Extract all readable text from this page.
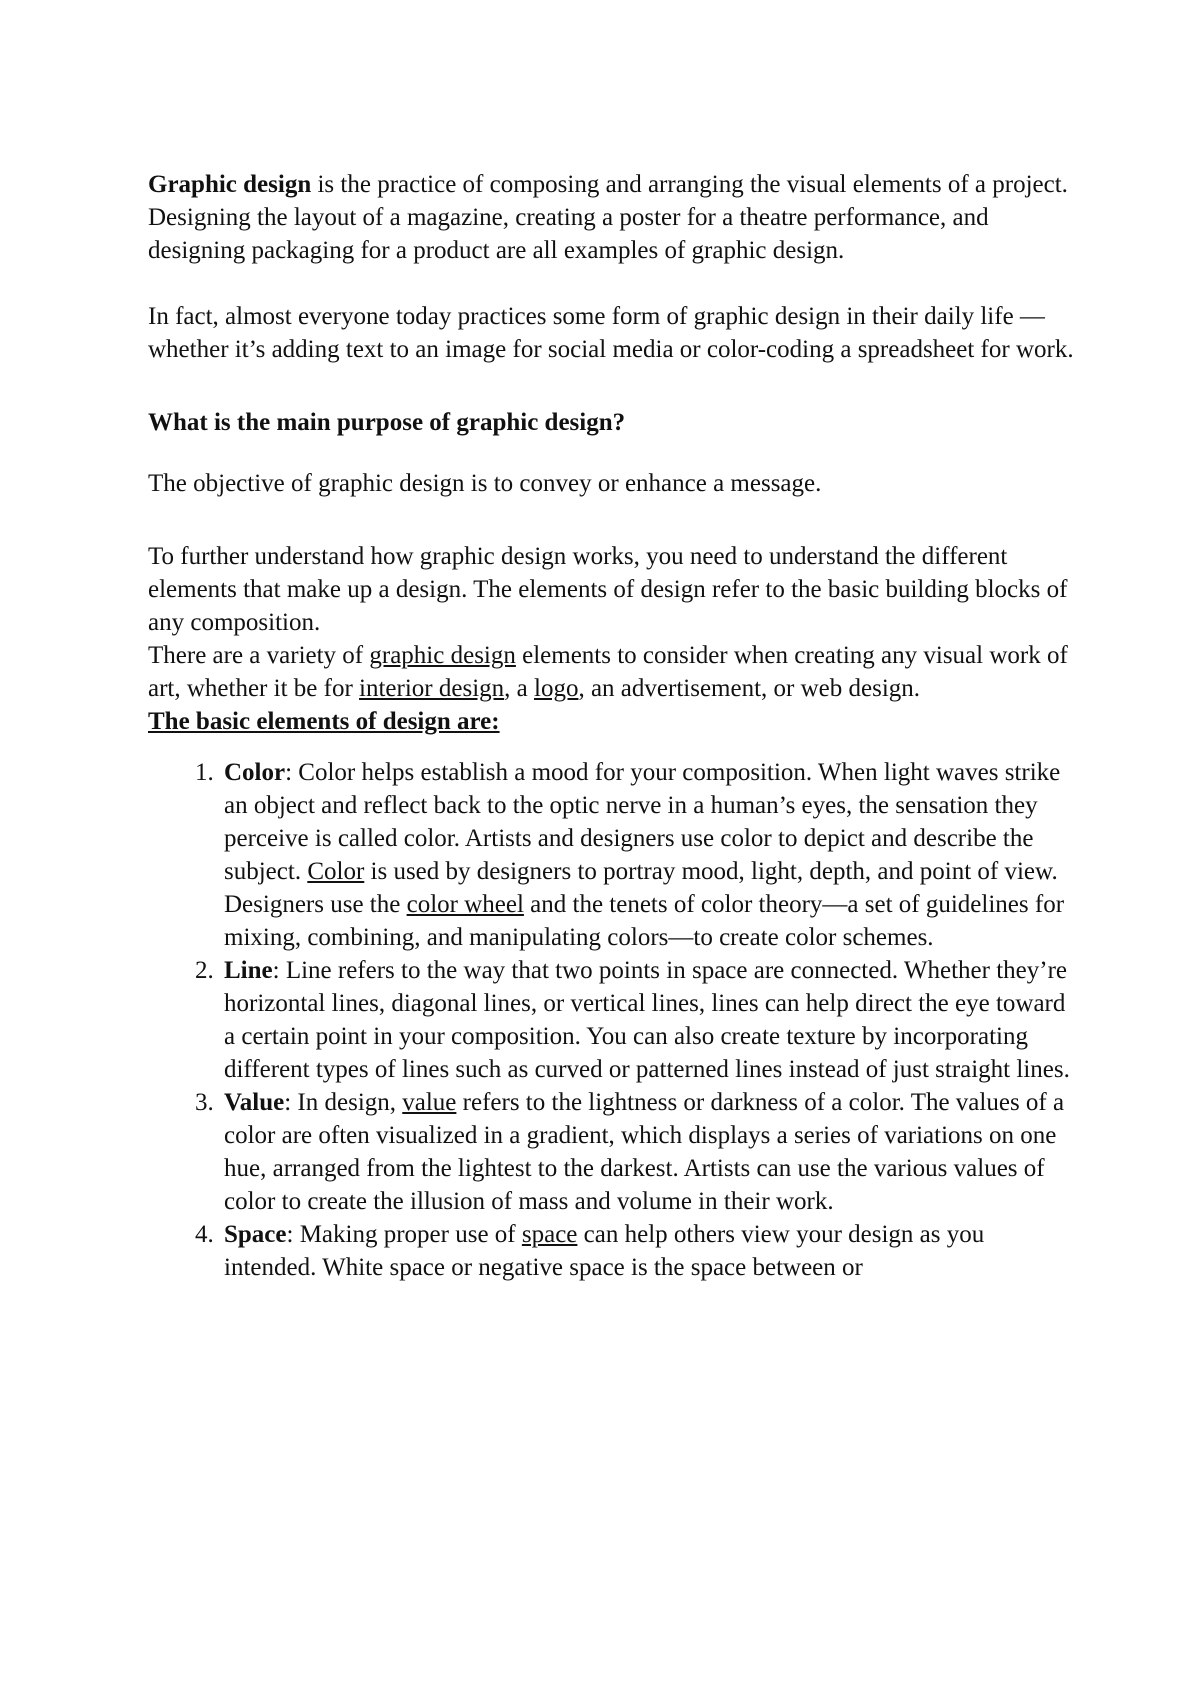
Graphic design is the practice of composing and arranging the visual elements of a project. Designing the layout of a magazine, creating a poster for a theatre performance, and designing packaging for a product are all examples of graphic design.

In fact, almost everyone today practices some form of graphic design in their daily life — whether it’s adding text to an image for social media or color-coding a spreadsheet for work.

What is the main purpose of graphic design?

The objective of graphic design is to convey or enhance a message.

To further understand how graphic design works, you need to understand the different elements that make up a design. The elements of design refer to the basic building blocks of any composition.

There are a variety of graphic design elements to consider when creating any visual work of art, whether it be for interior design, a logo, an advertisement, or web design.

The basic elements of design are:

1. Color: Color helps establish a mood for your composition. When light waves strike an object and reflect back to the optic nerve in a human’s eyes, the sensation they perceive is called color. Artists and designers use color to depict and describe the subject. Color is used by designers to portray mood, light, depth, and point of view. Designers use the color wheel and the tenets of color theory—a set of guidelines for mixing, combining, and manipulating colors—to create color schemes.
2. Line: Line refers to the way that two points in space are connected. Whether they’re horizontal lines, diagonal lines, or vertical lines, lines can help direct the eye toward a certain point in your composition. You can also create texture by incorporating different types of lines such as curved or patterned lines instead of just straight lines.
3. Value: In design, value refers to the lightness or darkness of a color. The values of a color are often visualized in a gradient, which displays a series of variations on one hue, arranged from the lightest to the darkest. Artists can use the various values of color to create the illusion of mass and volume in their work.
4. Space: Making proper use of space can help others view your design as you intended. White space or negative space is the space between or
